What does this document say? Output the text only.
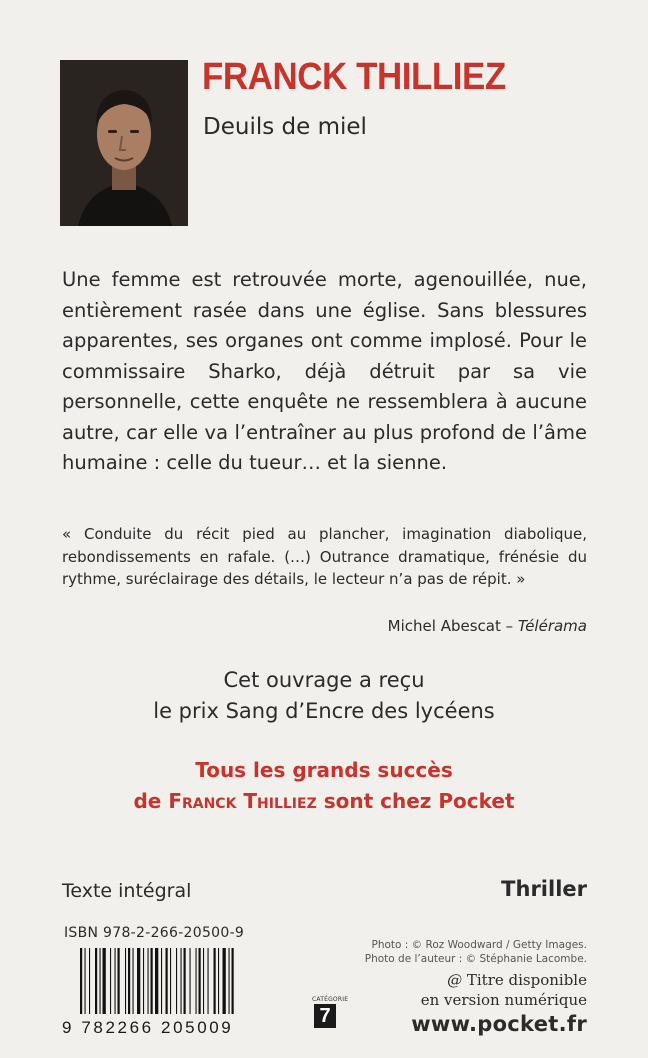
FRANCK THILLIEZ
Deuils de miel
Une femme est retrouvée morte, agenouillée, nue, entièrement rasée dans une église. Sans blessures apparentes, ses organes ont comme implosé. Pour le commissaire Sharko, déjà détruit par sa vie personnelle, cette enquête ne ressemblera à aucune autre, car elle va l’entraîner au plus profond de l’âme humaine : celle du tueur… et la sienne.
« Conduite du récit pied au plancher, imagination diabolique, rebondissements en rafale. (…) Outrance dramatique, frénésie du rythme, suréclairage des détails, le lecteur n’a pas de répit. »
Michel Abescat – Télérama
Cet ouvrage a reçu
le prix Sang d’Encre des lycéens
Tous les grands succès
de Franck Thilliez sont chez Pocket
Texte intégral	Thriller
ISBN 978-2-266-20500-9
9 782266 205009
CATÉGORIE
7
Photo : © Roz Woodward / Getty Images.
Photo de l’auteur : © Stéphanie Lacombe.
@ Titre disponible
en version numérique
www.pocket.fr
